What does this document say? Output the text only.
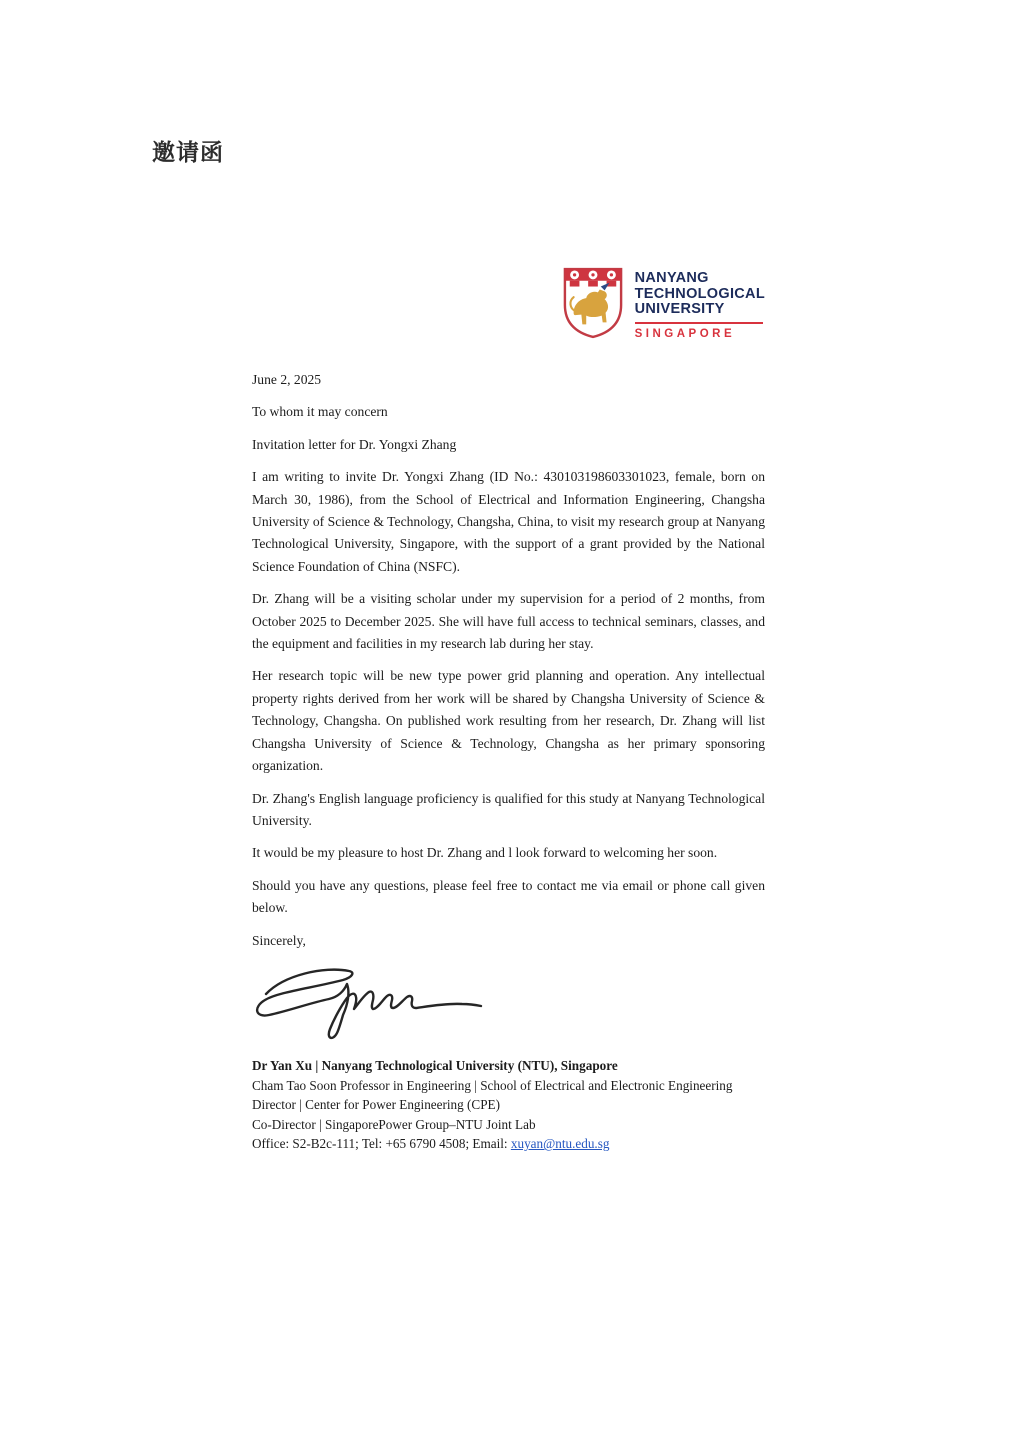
邀请函
NANYANG
TECHNOLOGICAL
UNIVERSITY
SINGAPORE

June 2, 2025

To whom it may concern

Invitation letter for Dr. Yongxi Zhang

I am writing to invite Dr. Yongxi Zhang (ID No.: 430103198603301023, female, born on March 30, 1986), from the School of Electrical and Information Engineering, Changsha University of Science & Technology, Changsha, China, to visit my research group at Nanyang Technological University, Singapore, with the support of a grant provided by the National Science Foundation of China (NSFC).

Dr. Zhang will be a visiting scholar under my supervision for a period of 2 months, from October 2025 to December 2025. She will have full access to technical seminars, classes, and the equipment and facilities in my research lab during her stay.

Her research topic will be new type power grid planning and operation. Any intellectual property rights derived from her work will be shared by Changsha University of Science & Technology, Changsha. On published work resulting from her research, Dr. Zhang will list Changsha University of Science & Technology, Changsha as her primary sponsoring organization.

Dr. Zhang's English language proficiency is qualified for this study at Nanyang Technological University.

It would be my pleasure to host Dr. Zhang and l look forward to welcoming her soon.

Should you have any questions, please feel free to contact me via email or phone call given below.

Sincerely,

Dr Yan Xu | Nanyang Technological University (NTU), Singapore
Cham Tao Soon Professor in Engineering | School of Electrical and Electronic Engineering
Director | Center for Power Engineering (CPE)
Co-Director | SingaporePower Group–NTU Joint Lab
Office: S2-B2c-111; Tel: +65 6790 4508; Email: xuyan@ntu.edu.sg
